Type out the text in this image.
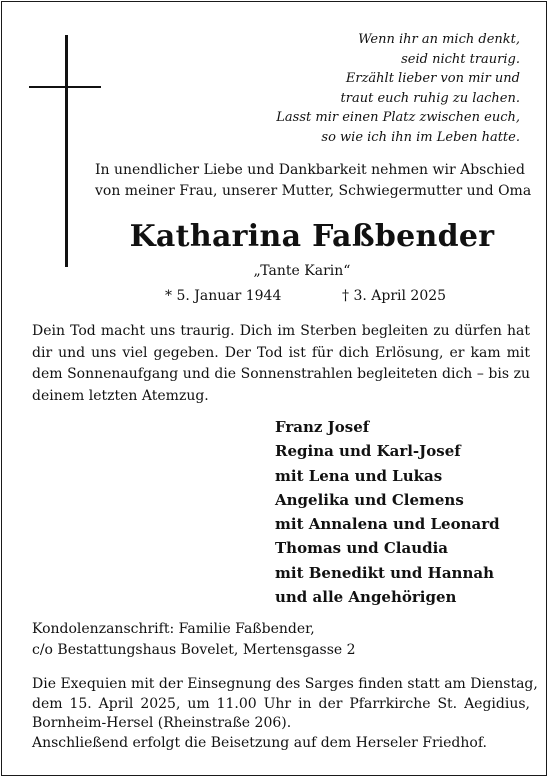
Wenn ihr an mich denkt,
seid nicht traurig.
Erzählt lieber von mir und
traut euch ruhig zu lachen.
Lasst mir einen Platz zwischen euch,
so wie ich ihn im Leben hatte.
In unendlicher Liebe und Dankbarkeit nehmen wir Abschied
von meiner Frau, unserer Mutter, Schwiegermutter und Oma
Katharina Faßbender
„Tante Karin“
* 5. Januar 1944	† 3. April 2025
Dein Tod macht uns traurig. Dich im Sterben begleiten zu dürfen hat
dir und uns viel gegeben. Der Tod ist für dich Erlösung, er kam mit
dem Sonnenaufgang und die Sonnenstrahlen begleiteten dich – bis zu
deinem letzten Atemzug.
Franz Josef
Regina und Karl-Josef
mit Lena und Lukas
Angelika und Clemens
mit Annalena und Leonard
Thomas und Claudia
mit Benedikt und Hannah
und alle Angehörigen
Kondolenzanschrift: Familie Faßbender,
c/o Bestattungshaus Bovelet, Mertensgasse 2
Die Exequien mit der Einsegnung des Sarges finden statt am Dienstag,
dem 15. April 2025, um 11.00 Uhr in der Pfarrkirche St. Aegidius,
Bornheim-Hersel (Rheinstraße 206).
Anschließend erfolgt die Beisetzung auf dem Herseler Friedhof.
